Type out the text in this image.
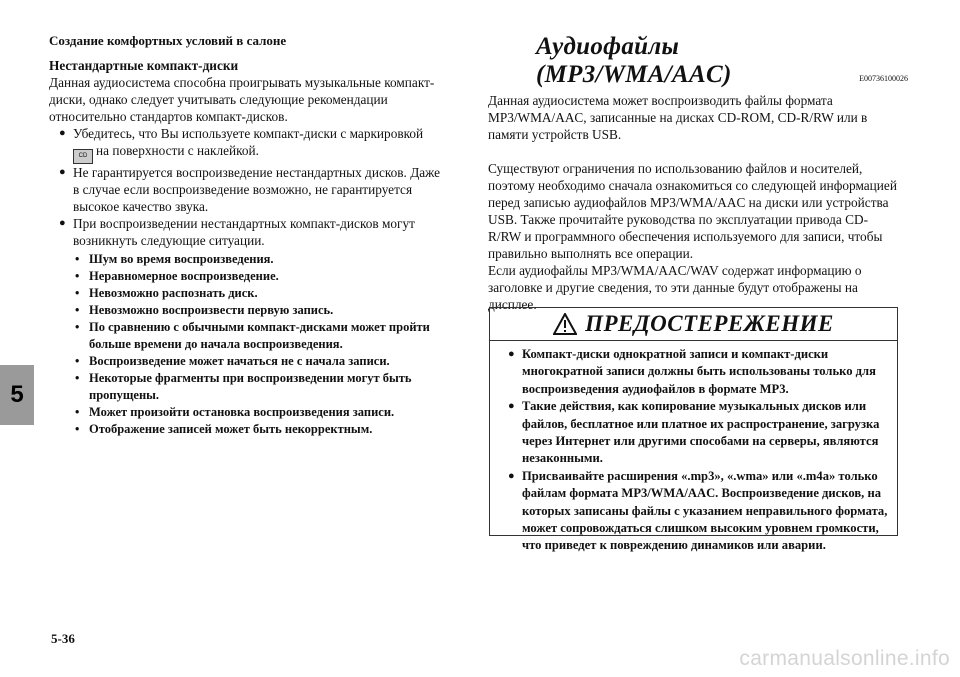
Создание комфортных условий в салоне
Нестандартные компакт-диски

Данная аудиосистема способна проигрывать музыкальные компакт-диски, однако следует учитывать следующие рекомендации относительно стандартов компакт-дисков.

● Убедитесь, что Вы используете компакт-диски с маркировкой
CD на поверхности с наклейкой.
● Не гарантируется воспроизведение нестандартных дисков. Даже в случае если воспроизведение возможно, не гарантируется высокое качество звука.
● При воспроизведении нестандартных компакт-дисков могут возникнуть следующие ситуации.
• Шум во время воспроизведения.
• Неравномерное воспроизведение.
• Невозможно распознать диск.
• Невозможно воспроизвести первую запись.
• По сравнению с обычными компакт-дисками может пройти больше времени до начала воспроизведения.
• Воспроизведение может начаться не с начала записи.
• Некоторые фрагменты при воспроизведении могут быть пропущены.
• Может произойти остановка воспроизведения записи.
• Отображение записей может быть некорректным.
Аудиофайлы (MP3/WMA/AAC)	E00736100026

Данная аудиосистема может воспроизводить файлы формата MP3/WMA/AAC, записанные на дисках CD-ROM, CD-R/RW или в памяти устройств USB.

Существуют ограничения по использованию файлов и носителей, поэтому необходимо сначала ознакомиться со следующей информацией перед записью аудиофайлов MP3/WMA/AAC на диски или устройства USB. Также прочитайте руководства по эксплуатации привода CD-R/RW и программного обеспечения используемого для записи, чтобы правильно выполнять все операции.

Если аудиофайлы MP3/WMA/AAC/WAV содержат информацию о заголовке и другие сведения, то эти данные будут отображены на дисплее.

ПРЕДОСТЕРЕЖЕНИЕ
● Компакт-диски однократной записи и компакт-диски многократной записи должны быть использованы только для воспроизведения аудиофайлов в формате MP3.
● Такие действия, как копирование музыкальных дисков или файлов, бесплатное или платное их распространение, загрузка через Интернет или другими способами на серверы, являются незаконными.
● Присваивайте расширения «.mp3», «.wma» или «.m4a» только файлам формата MP3/WMA/AAC. Воспроизведение дисков, на которых записаны файлы с указанием неправильного формата, может сопровождаться слишком высоким уровнем громкости, что приведет к повреждению динамиков или аварии.
5
5-36
carmanualsonline.info
